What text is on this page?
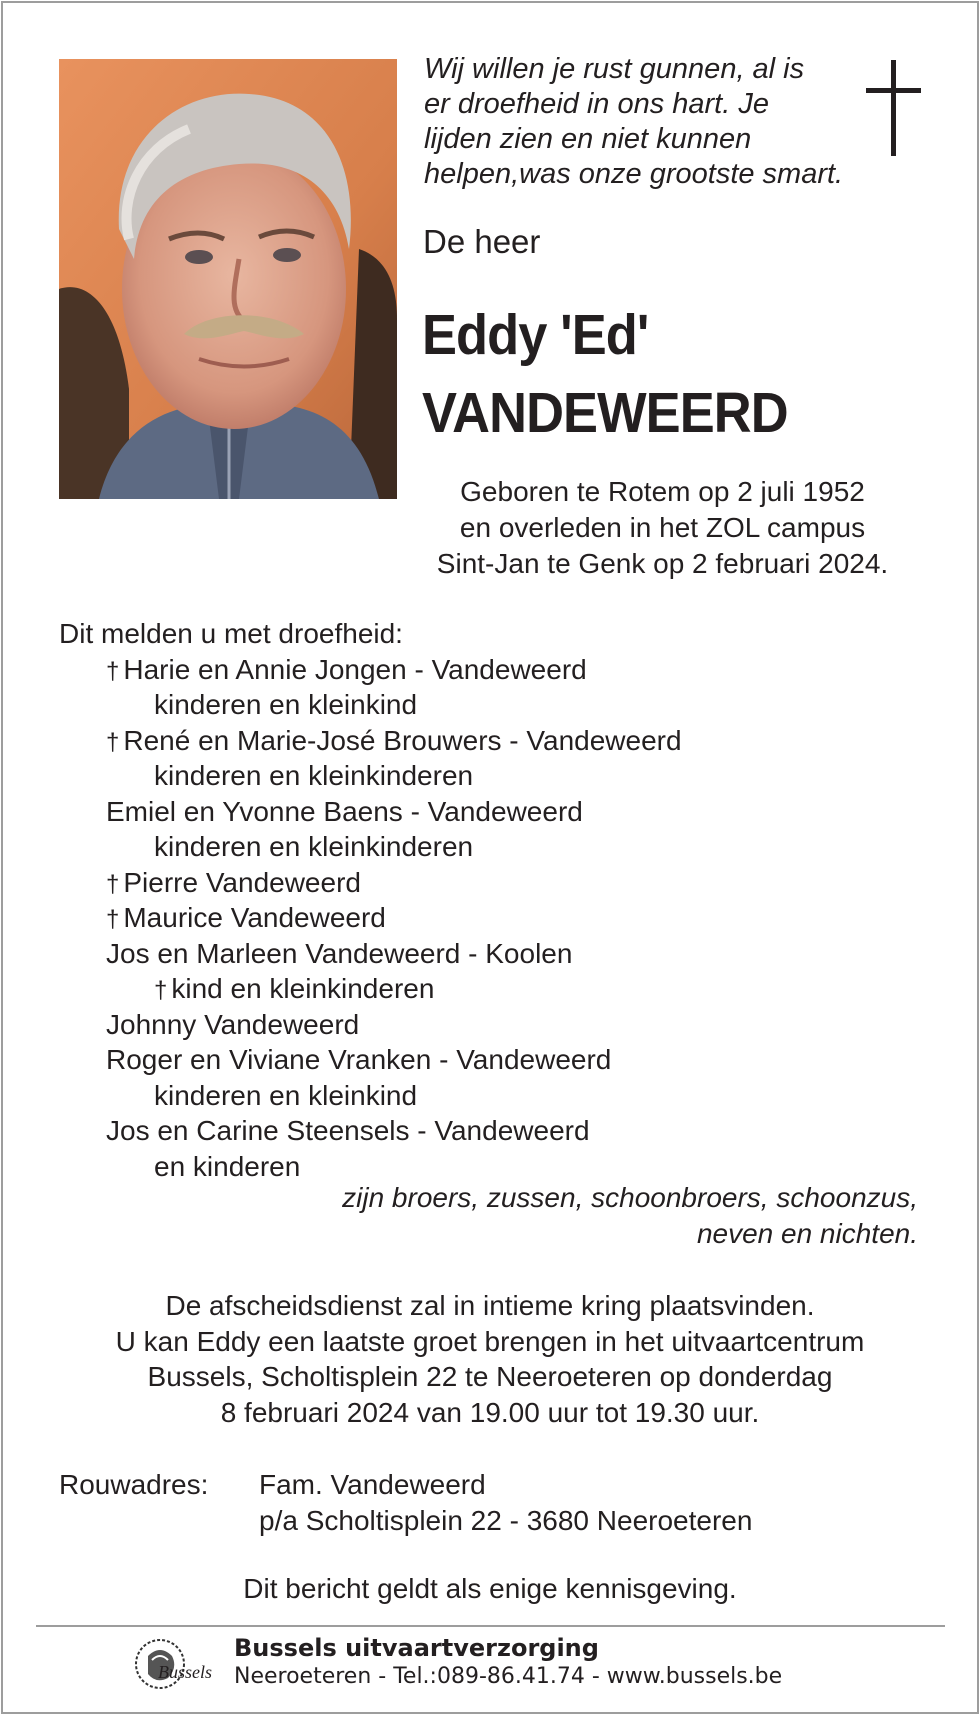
Wij willen je rust gunnen, al is
er droefheid in ons hart. Je
lijden zien en niet kunnen
helpen,was onze grootste smart.
De heer
Eddy 'Ed'
VANDEWEERD
Geboren te Rotem op 2 juli 1952
en overleden in het ZOL campus
Sint-Jan te Genk op 2 februari 2024.
Dit melden u met droefheid:
† Harie en Annie Jongen - Vandeweerd
kinderen en kleinkind
† René en Marie-José Brouwers - Vandeweerd
kinderen en kleinkinderen
Emiel en Yvonne Baens - Vandeweerd
kinderen en kleinkinderen
† Pierre Vandeweerd
† Maurice Vandeweerd
Jos en Marleen Vandeweerd - Koolen
† kind en kleinkinderen
Johnny Vandeweerd
Roger en Viviane Vranken - Vandeweerd
kinderen en kleinkind
Jos en Carine Steensels - Vandeweerd
en kinderen
zijn broers, zussen, schoonbroers, schoonzus,
neven en nichten.
De afscheidsdienst zal in intieme kring plaatsvinden.
U kan Eddy een laatste groet brengen in het uitvaartcentrum
Bussels, Scholtisplein 22 te Neeroeteren op donderdag
8 februari 2024 van 19.00 uur tot 19.30 uur.
Rouwadres: Fam. Vandeweerd
p/a Scholtisplein 22 - 3680 Neeroeteren
Dit bericht geldt als enige kennisgeving.
Bussels
Bussels uitvaartverzorging
Neeroeteren - Tel.:089-86.41.74 - www.bussels.be
